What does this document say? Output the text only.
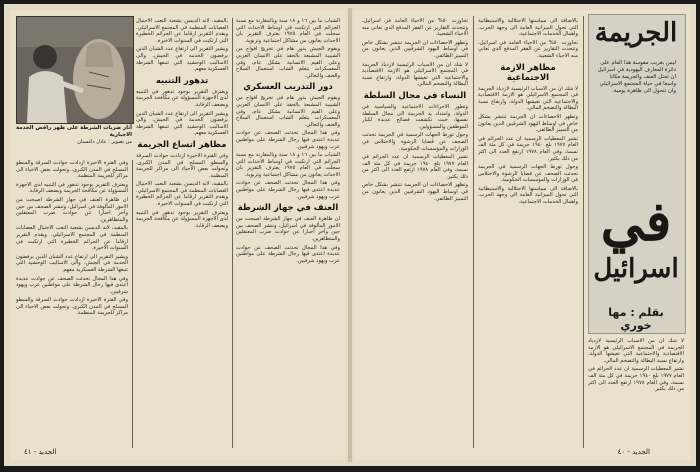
آثار ضربات الشرطة على ظهر رافض الخدمة الاجبارية
من تصوير : عادل داغستان

الشباب ما بين ١٦ و ١٨ سنة وبالمقارنة مع نسبة الجرائم التي ارتكبت في اوساط الاحداث التي سجلت في العام ١٩٧٥ يعترف التقرير بان الاحداث يعانون من مشاكل اجتماعية وتربوية.

ويقوم الجيش بدور هام في تخريج افواج من الشبيبة المشبعة بالحقد على الانسان العربي وعلى القيم الانسانية بشكل عام، وفي المعسكرات يتعلم الشاب استعمال السلاح والعنف والتعالي.

دور التدريب العسكري

ويقوم الجيش بدور هام في تخريج افواج من الشبيبة المشبعة بالحقد على الانسان العربي وعلى القيم الانسانية بشكل عام، وفي المعسكرات يتعلم الشاب استعمال السلاح والعنف والتعالي.

وفي هذا المجال تحدثت الصحف عن حوادث عديدة اعتدى فيها رجال الشرطة على مواطنين عرب ويهود شرقيين.

الشباب ما بين ١٦ و ١٨ سنة وبالمقارنة مع نسبة الجرائم التي ارتكبت في اوساط الاحداث التي سجلت في العام ١٩٧٥ يعترف التقرير بان الاحداث يعانون من مشاكل اجتماعية وتربوية.

وفي هذا المجال تحدثت الصحف عن حوادث عديدة اعتدى فيها رجال الشرطة على مواطنين عرب ويهود شرقيين.

العنف في جهاز الشرطة

ان ظاهرة العنف في جهاز الشرطة اصبحت من الامور المألوفة في اسرائيل، وتنشر الصحف بين حين وآخر اخبارا عن حوادث ضرب المعتقلين والمتظاهرين.

وفي هذا المجال تحدثت الصحف عن حوادث عديدة اعتدى فيها رجال الشرطة على مواطنين عرب ويهود شرقيين.

بالمقيد، لانه الديسن بشعبة التعب الاحتيال العصابات المنظمة في المجتمع الاسرائيلي. ويقدم التقرير ارقاما عن الجرائم الخطيرة التي ارتكبت في السنوات الاخيرة.

ويشير التقرير الى ارتفاع عدد الشبان الذين يرفضون الخدمة في الجيش، والى الاساليب الوحشية التي تتبعها الشرطة العسكرية معهم.

تدهور التنبيه

ويعترف التقرير بوجود تدهور في التنبيه لدى الاجهزة المسؤولة عن مكافحة الجريمة وبضعف الرقابة.

ويشير التقرير الى ارتفاع عدد الشبان الذين يرفضون الخدمة في الجيش، والى الاساليب الوحشية التي تتبعها الشرطة العسكرية معهم.

مظاهر اتساع الجريمة

وفي الفترة الاخيرة ازدادت حوادث السرقة والسطو المسلح في المدن الكبرى، وتحولت بعض الاحياء الى مراكز للجريمة المنظمة.

بالمقيد، لانه الديسن بشعبة التعب الاحتيال العصابات المنظمة في المجتمع الاسرائيلي. ويقدم التقرير ارقاما عن الجرائم الخطيرة التي ارتكبت في السنوات الاخيرة.

ويعترف التقرير بوجود تدهور في التنبيه لدى الاجهزة المسؤولة عن مكافحة الجريمة وبضعف الرقابة.

وفي الفترة الاخيرة ازدادت حوادث السرقة والسطو المسلح في المدن الكبرى، وتحولت بعض الاحياء الى مراكز للجريمة المنظمة.

ويعترف التقرير بوجود تدهور في التنبيه لدى الاجهزة المسؤولة عن مكافحة الجريمة وبضعف الرقابة.

ان ظاهرة العنف في جهاز الشرطة اصبحت من الامور المألوفة في اسرائيل، وتنشر الصحف بين حين وآخر اخبارا عن حوادث ضرب المعتقلين والمتظاهرين.

بالمقيد، لانه الديسن بشعبة التعب الاحتيال العصابات المنظمة في المجتمع الاسرائيلي. ويقدم التقرير ارقاما عن الجرائم الخطيرة التي ارتكبت في السنوات الاخيرة.

ويشير التقرير الى ارتفاع عدد الشبان الذين يرفضون الخدمة في الجيش، والى الاساليب الوحشية التي تتبعها الشرطة العسكرية معهم.

وفي هذا المجال تحدثت الصحف عن حوادث عديدة اعتدى فيها رجال الشرطة على مواطنين عرب ويهود شرقيين.

وفي الفترة الاخيرة ازدادت حوادث السرقة والسطو المسلح في المدن الكبرى، وتحولت بعض الاحياء الى مراكز للجريمة المنظمة.

الجديد - ٤١
الجريمة
ليس بغريب مقوسة هذا العام على دائرة المعارف اليهودية في اسرائيل ان تحتل العنف والجريمة مكانا واسعا في حياة المجتمع الاسرائيلي وان تتحول الى ظاهرة يومية.
في
اسرائيل
بقلم : مها خوري

لا شك ان من الاسباب الرئيسية لازدياد الجريمة في المجتمع الاسرائيلي هو الازمة الاقتصادية والاجتماعية التي تعيشها الدولة، وارتفاع نسبة البطالة والتضخم المالي.

تشير المعطيات الرسمية ان عدد الجرائم في العام ١٩٧٧ بلغ ١٩٤٠ جريمة في كل مئة الف نسمة، وفي العام ١٩٧٨ ارتفع العدد الى اكثر من ذلك بكثير.

بالاضافة الى سياستها الاحتلالية والاستيطانية التي تحول الميزانية العامة الى وجهة الحرب، واهمال الخدمات الاجتماعية.

تجاوزت ٥٠% من الاحياء العامة في اسرائيل، وتتحدث التقارير عن الفقر المدقع الذي تعاني منه الاحياء الشعبية.

مظاهر الازمة الاجتماعية

لا شك ان من الاسباب الرئيسية لازدياد الجريمة في المجتمع الاسرائيلي هو الازمة الاقتصادية والاجتماعية التي تعيشها الدولة، وارتفاع نسبة البطالة والتضخم المالي.

وتظهر الاحصاءات ان الجريمة تنتشر بشكل خاص في اوساط اليهود الشرقيين الذين يعانون من التمييز الطائفي.

تشير المعطيات الرسمية ان عدد الجرائم في العام ١٩٧٧ بلغ ١٩٤٠ جريمة في كل مئة الف نسمة، وفي العام ١٩٧٨ ارتفع العدد الى اكثر من ذلك بكثير.

وحول تورط الجهات الرسمية في الجريمة تحدثت الصحف عن قضايا الرشوة والاختلاس في الوزارات والمؤسسات الحكومية.

بالاضافة الى سياستها الاحتلالية والاستيطانية التي تحول الميزانية العامة الى وجهة الحرب، واهمال الخدمات الاجتماعية.

تجاوزت ٥٠% من الاحياء العامة في اسرائيل، وتتحدث التقارير عن الفقر المدقع الذي تعاني منه الاحياء الشعبية.

وتظهر الاحصاءات ان الجريمة تنتشر بشكل خاص في اوساط اليهود الشرقيين الذين يعانون من التمييز الطائفي.

لا شك ان من الاسباب الرئيسية لازدياد الجريمة في المجتمع الاسرائيلي هو الازمة الاقتصادية والاجتماعية التي تعيشها الدولة، وارتفاع نسبة البطالة والتضخم المالي.

النساء في مجال السلطة

وتطور الاجراءات الاجتماعية والسياسية في الدولة، وامتداد يد الجريمة الى مجال السلطة نفسها، حيث تكشفت فضائح عديدة لكبار الموظفين والمسؤولين.

وحول تورط الجهات الرسمية في الجريمة تحدثت الصحف عن قضايا الرشوة والاختلاس في الوزارات والمؤسسات الحكومية.

تشير المعطيات الرسمية ان عدد الجرائم في العام ١٩٧٧ بلغ ١٩٤٠ جريمة في كل مئة الف نسمة، وفي العام ١٩٧٨ ارتفع العدد الى اكثر من ذلك بكثير.

وتظهر الاحصاءات ان الجريمة تنتشر بشكل خاص في اوساط اليهود الشرقيين الذين يعانون من التمييز الطائفي.

الجديد - ٤٠
